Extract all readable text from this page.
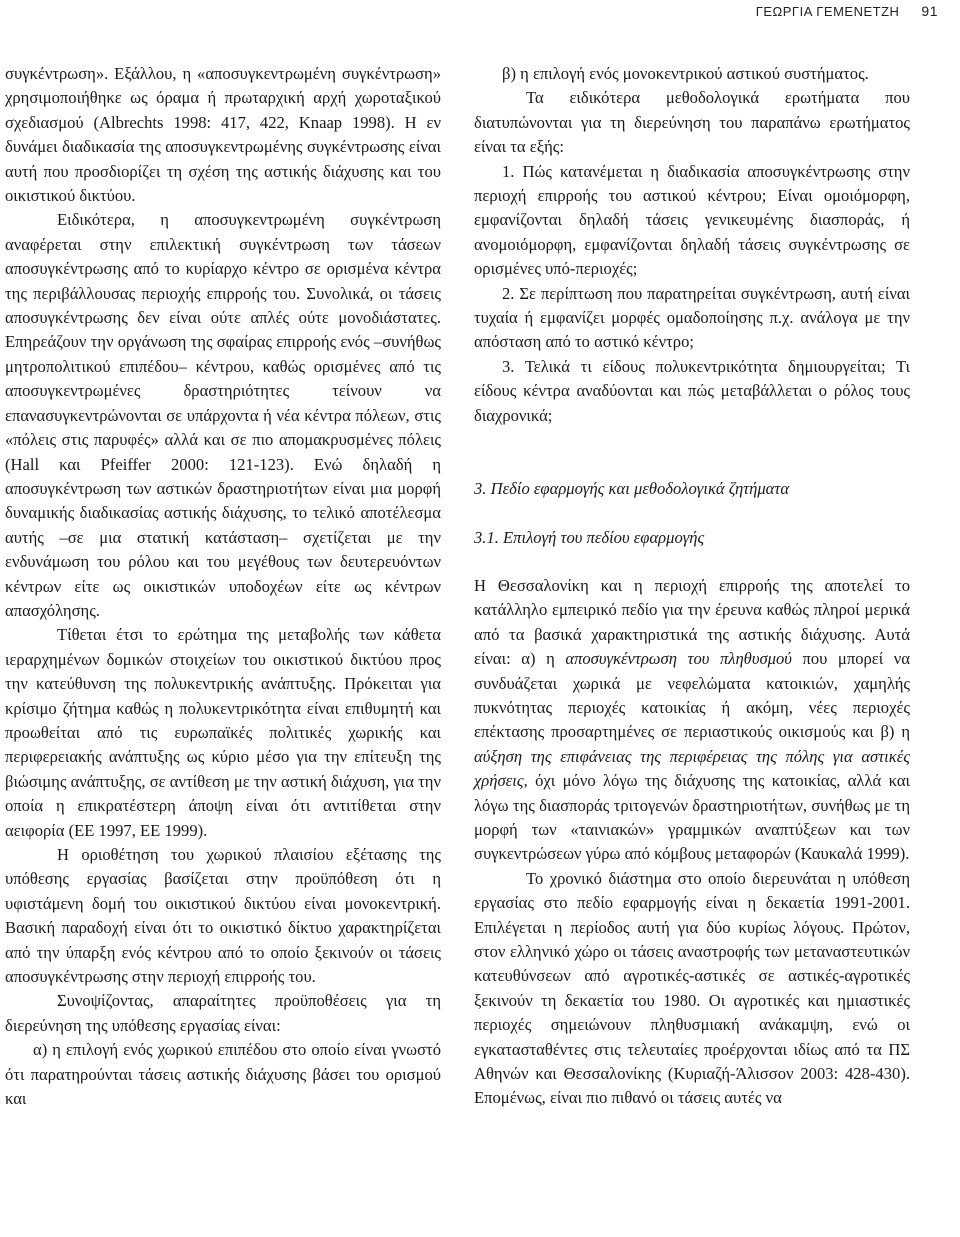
ΓΕΩΡΓΙΑ ΓΕΜΕΝΕΤΖΗ 91

συγκέντρωση». Εξάλλου, η «αποσυγκεντρωμένη συγκέντρωση» χρησιμοποιήθηκε ως όραμα ή πρωταρχική αρχή χωροταξικού σχεδιασμού (Albrechts 1998: 417, 422, Knaap 1998). Η εν δυνάμει διαδικασία της αποσυγκεντρωμένης συγκέντρωσης είναι αυτή που προσδιορίζει τη σχέση της αστικής διάχυσης και του οικιστικού δικτύου.

Ειδικότερα, η αποσυγκεντρωμένη συγκέντρωση αναφέρεται στην επιλεκτική συγκέντρωση των τάσεων αποσυγκέντρωσης από το κυρίαρχο κέντρο σε ορισμένα κέντρα της περιβάλλουσας περιοχής επιρροής του. Συνολικά, οι τάσεις αποσυγκέντρωσης δεν είναι ούτε απλές ούτε μονοδιάστατες. Επηρεάζουν την οργάνωση της σφαίρας επιρροής ενός –συνήθως μητροπολιτικού επιπέδου– κέντρου, καθώς ορισμένες από τις αποσυγκεντρωμένες δραστηριότητες τείνουν να επανασυγκεντρώνονται σε υπάρχοντα ή νέα κέντρα πόλεων, στις «πόλεις στις παρυφές» αλλά και σε πιο απομακρυσμένες πόλεις (Hall και Pfeiffer 2000: 121-123). Ενώ δηλαδή η αποσυγκέντρωση των αστικών δραστηριοτήτων είναι μια μορφή δυναμικής διαδικασίας αστικής διάχυσης, το τελικό αποτέλεσμα αυτής –σε μια στατική κατάσταση– σχετίζεται με την ενδυνάμωση του ρόλου και του μεγέθους των δευτερευόντων κέντρων είτε ως οικιστικών υποδοχέων είτε ως κέντρων απασχόλησης.

Τίθεται έτσι το ερώτημα της μεταβολής των κάθετα ιεραρχημένων δομικών στοιχείων του οικιστικού δικτύου προς την κατεύθυνση της πολυκεντρικής ανάπτυξης. Πρόκειται για κρίσιμο ζήτημα καθώς η πολυκεντρικότητα είναι επιθυμητή και προωθείται από τις ευρωπαϊκές πολιτικές χωρικής και περιφερειακής ανάπτυξης ως κύριο μέσο για την επίτευξη της βιώσιμης ανάπτυξης, σε αντίθεση με την αστική διάχυση, για την οποία η επικρατέστερη άποψη είναι ότι αντιτίθεται στην αειφορία (ΕΕ 1997, ΕΕ 1999).

Η οριοθέτηση του χωρικού πλαισίου εξέτασης της υπόθεσης εργασίας βασίζεται στην προϋπόθεση ότι η υφιστάμενη δομή του οικιστικού δικτύου είναι μονοκεντρική. Βασική παραδοχή είναι ότι το οικιστικό δίκτυο χαρακτηρίζεται από την ύπαρξη ενός κέντρου από το οποίο ξεκινούν οι τάσεις αποσυγκέντρωσης στην περιοχή επιρροής του.

Συνοψίζοντας, απαραίτητες προϋποθέσεις για τη διερεύνηση της υπόθεσης εργασίας είναι:

α) η επιλογή ενός χωρικού επιπέδου στο οποίο είναι γνωστό ότι παρατηρούνται τάσεις αστικής διάχυσης βάσει του ορισμού και

β) η επιλογή ενός μονοκεντρικού αστικού συστήματος.

Τα ειδικότερα μεθοδολογικά ερωτήματα που διατυπώνονται για τη διερεύνηση του παραπάνω ερωτήματος είναι τα εξής:

1. Πώς κατανέμεται η διαδικασία αποσυγκέντρωσης στην περιοχή επιρροής του αστικού κέντρου; Είναι ομοιόμορφη, εμφανίζονται δηλαδή τάσεις γενικευμένης διασποράς, ή ανομοιόμορφη, εμφανίζονται δηλαδή τάσεις συγκέντρωσης σε ορισμένες υπό-περιοχές;

2. Σε περίπτωση που παρατηρείται συγκέντρωση, αυτή είναι τυχαία ή εμφανίζει μορφές ομαδοποίησης π.χ. ανάλογα με την απόσταση από το αστικό κέντρο;

3. Τελικά τι είδους πολυκεντρικότητα δημιουργείται; Τι είδους κέντρα αναδύονται και πώς μεταβάλλεται ο ρόλος τους διαχρονικά;

3. Πεδίο εφαρμογής και μεθοδολογικά ζητήματα

3.1. Επιλογή του πεδίου εφαρμογής

Η Θεσσαλονίκη και η περιοχή επιρροής της αποτελεί το κατάλληλο εμπειρικό πεδίο για την έρευνα καθώς πληροί μερικά από τα βασικά χαρακτηριστικά της αστικής διάχυσης. Αυτά είναι: α) η αποσυγκέντρωση του πληθυσμού που μπορεί να συνδυάζεται χωρικά με νεφελώματα κατοικιών, χαμηλής πυκνότητας περιοχές κατοικίας ή ακόμη, νέες περιοχές επέκτασης προσαρτημένες σε περιαστικούς οικισμούς και β) η αύξηση της επιφάνειας της περιφέρειας της πόλης για αστικές χρήσεις, όχι μόνο λόγω της διάχυσης της κατοικίας, αλλά και λόγω της διασποράς τριτογενών δραστηριοτήτων, συνήθως με τη μορφή των «ταινιακών» γραμμικών αναπτύξεων και των συγκεντρώσεων γύρω από κόμβους μεταφορών (Καυκαλά 1999).

Το χρονικό διάστημα στο οποίο διερευνάται η υπόθεση εργασίας στο πεδίο εφαρμογής είναι η δεκαετία 1991-2001. Επιλέγεται η περίοδος αυτή για δύο κυρίως λόγους. Πρώτον, στον ελληνικό χώρο οι τάσεις αναστροφής των μεταναστευτικών κατευθύνσεων από αγροτικές-αστικές σε αστικές-αγροτικές ξεκινούν τη δεκαετία του 1980. Οι αγροτικές και ημιαστικές περιοχές σημειώνουν πληθυσμιακή ανάκαμψη, ενώ οι εγκατασταθέντες στις τελευταίες προέρχονται ιδίως από τα ΠΣ Αθηνών και Θεσσαλονίκης (Κυριαζή-Άλισσον 2003: 428-430). Επομένως, είναι πιο πιθανό οι τάσεις αυτές να
